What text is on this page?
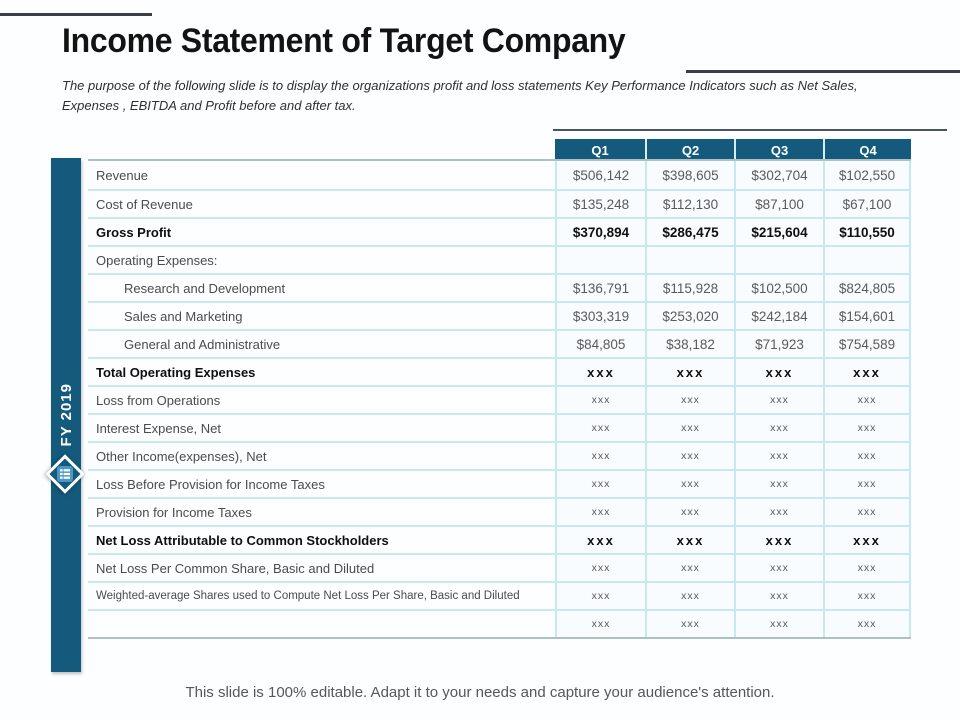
Income Statement of Target Company

The purpose of the following slide is to display the organizations profit and loss statements Key Performance Indicators such as Net Sales, Expenses , EBITDA and Profit before and after tax.

FY 2019
Q1	Q2	Q3	Q4
Revenue	$506,142	$398,605	$302,704	$102,550
Cost of Revenue	$135,248	$112,130	$87,100	$67,100
Gross Profit	$370,894	$286,475	$215,604	$110,550
Operating Expenses:
Research and Development	$136,791	$115,928	$102,500	$824,805
Sales and Marketing	$303,319	$253,020	$242,184	$154,601
General and Administrative	$84,805	$38,182	$71,923	$754,589
Total Operating Expenses	xxx	xxx	xxx	xxx
Loss from Operations	xxx	xxx	xxx	xxx
Interest Expense, Net	xxx	xxx	xxx	xxx
Other Income(expenses), Net	xxx	xxx	xxx	xxx
Loss Before Provision for Income Taxes	xxx	xxx	xxx	xxx
Provision for Income Taxes	xxx	xxx	xxx	xxx
Net Loss Attributable to Common Stockholders	xxx	xxx	xxx	xxx
Net Loss Per Common Share, Basic and Diluted	xxx	xxx	xxx	xxx
Weighted-average Shares used to Compute Net Loss Per Share, Basic and Diluted	xxx	xxx	xxx	xxx
xxx	xxx	xxx	xxx

This slide is 100% editable. Adapt it to your needs and capture your audience's attention.
